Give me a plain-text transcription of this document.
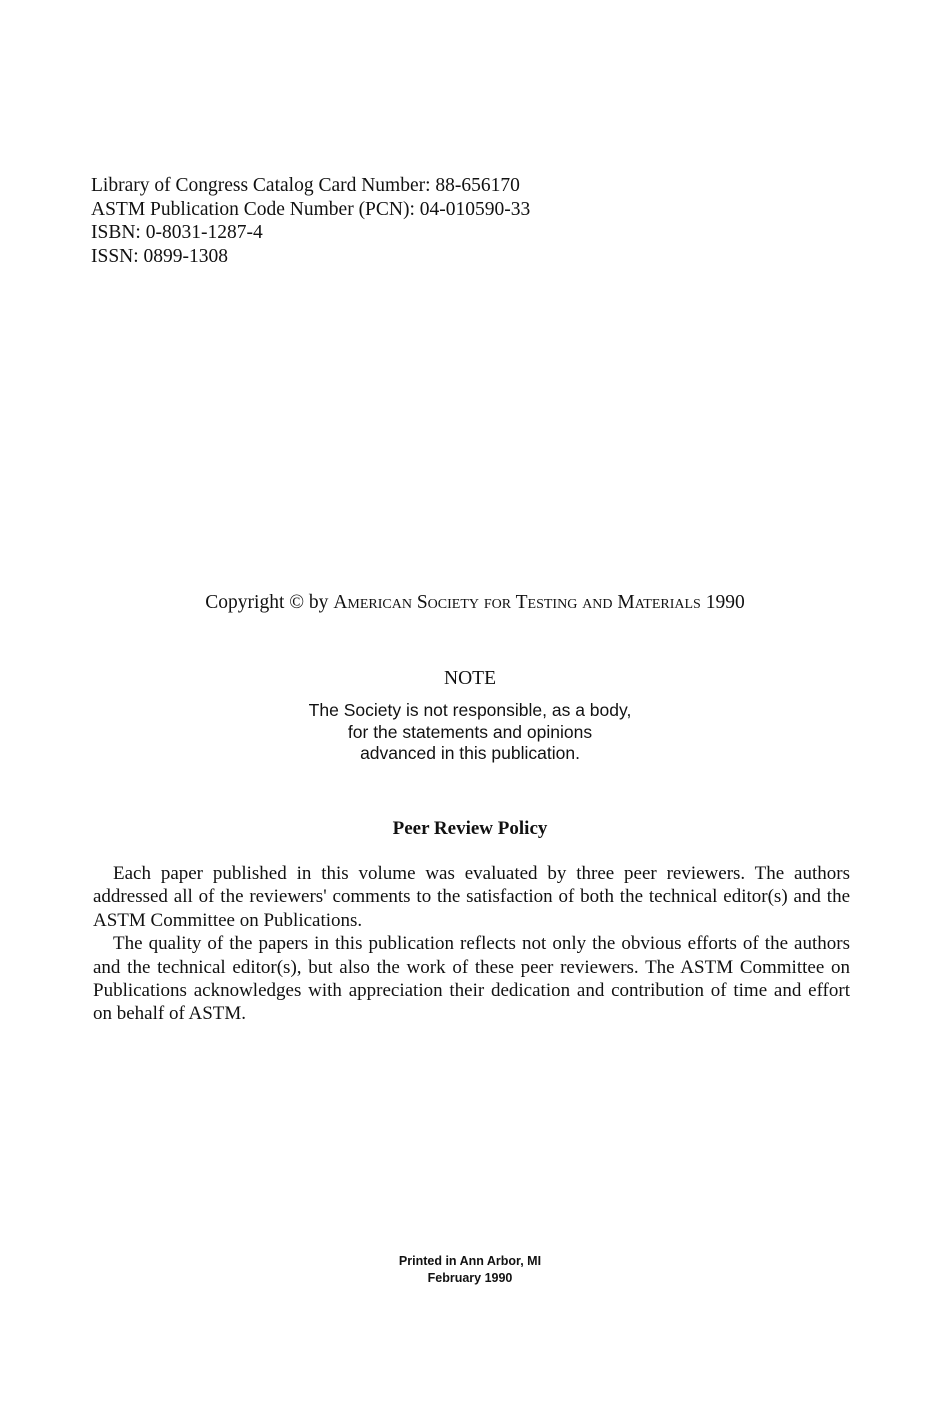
Library of Congress Catalog Card Number: 88-656170
ASTM Publication Code Number (PCN): 04-010590-33
ISBN: 0-8031-1287-4
ISSN: 0899-1308
Copyright © by American Society for Testing and Materials 1990
NOTE
The Society is not responsible, as a body,
for the statements and opinions
advanced in this publication.
Peer Review Policy

Each paper published in this volume was evaluated by three peer reviewers. The authors addressed all of the reviewers' comments to the satisfaction of both the technical editor(s) and the ASTM Committee on Publications.

The quality of the papers in this publication reflects not only the obvious efforts of the authors and the technical editor(s), but also the work of these peer reviewers. The ASTM Committee on Publications acknowledges with appreciation their dedication and contribution of time and effort on behalf of ASTM.

Printed in Ann Arbor, MI
February 1990
